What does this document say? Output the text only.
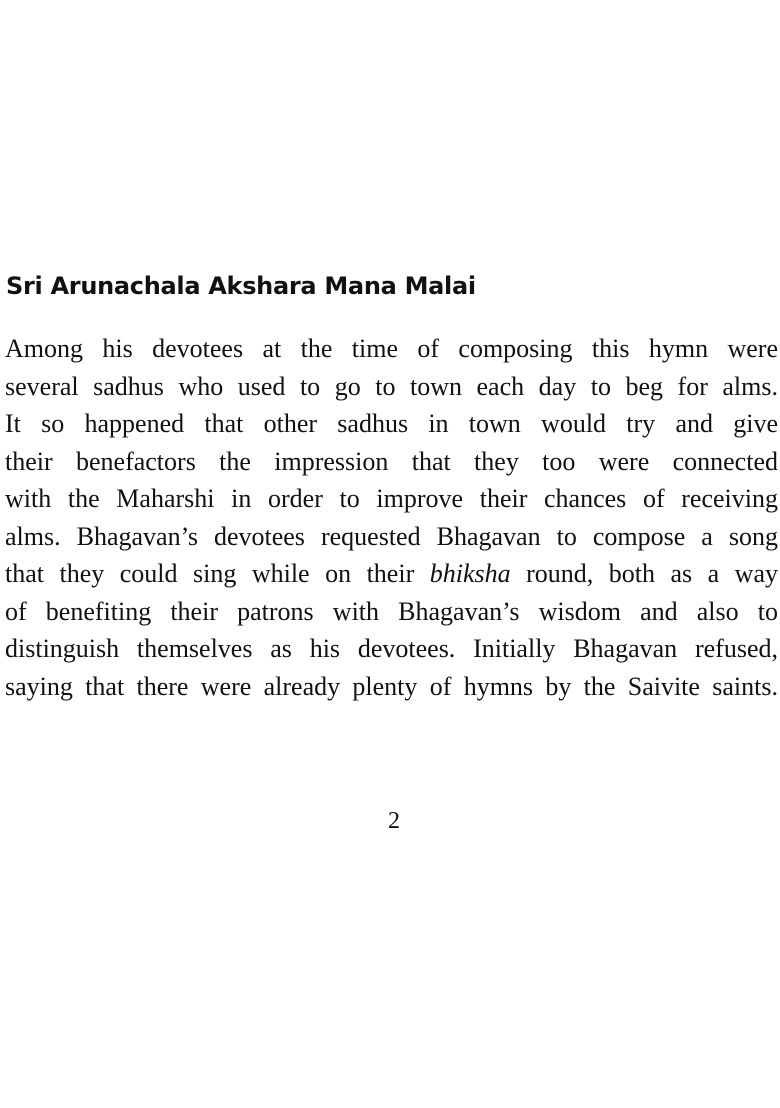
Sri Arunachala Akshara Mana Malai
Among his devotees at the time of composing this hymn were
several sadhus who used to go to town each day to beg for alms.
It so happened that other sadhus in town would try and give
their benefactors the impression that they too were connected
with the Maharshi in order to improve their chances of receiving
alms. Bhagavan’s devotees requested Bhagavan to compose a song
that they could sing while on their bhiksha round, both as a way
of benefiting their patrons with Bhagavan’s wisdom and also to
distinguish themselves as his devotees. Initially Bhagavan refused,
saying that there were already plenty of hymns by the Saivite saints.
2
